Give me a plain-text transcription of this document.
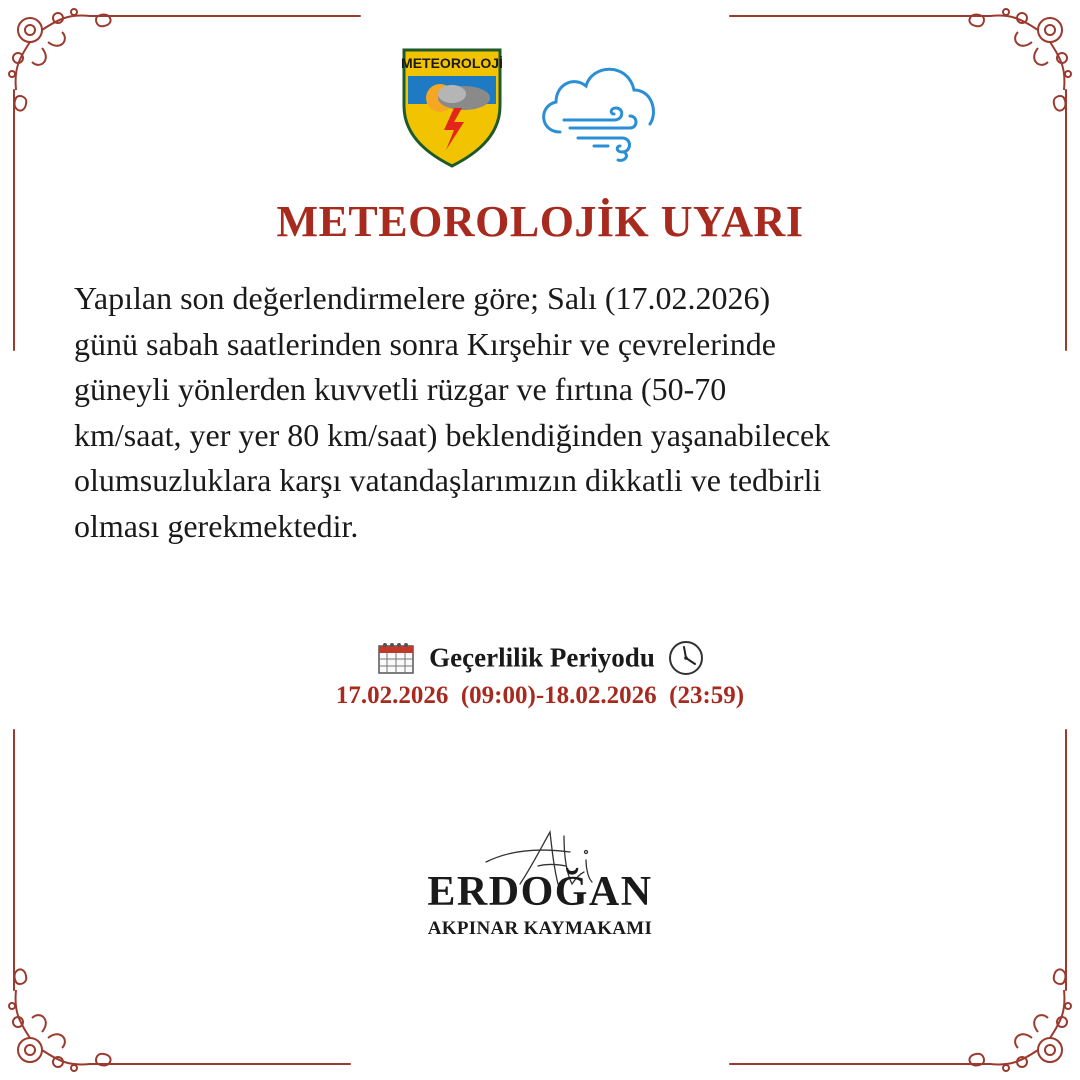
METEOROLOJİ
METEOROLOJİK UYARI
Yapılan son değerlendirmelere göre; Salı (17.02.2026)
günü sabah saatlerinden sonra Kırşehir ve çevrelerinde
güneyli yönlerden kuvvetli rüzgar ve fırtına (50-70
km/saat, yer yer 80 km/saat) beklendiğinden yaşanabilecek
olumsuzluklara karşı vatandaşlarımızın dikkatli ve tedbirli
olması gerekmektedir.
Geçerlilik Periyodu
17.02.2026  (09:00)-18.02.2026  (23:59)
ERDOĞAN
AKPINAR KAYMAKAMI
